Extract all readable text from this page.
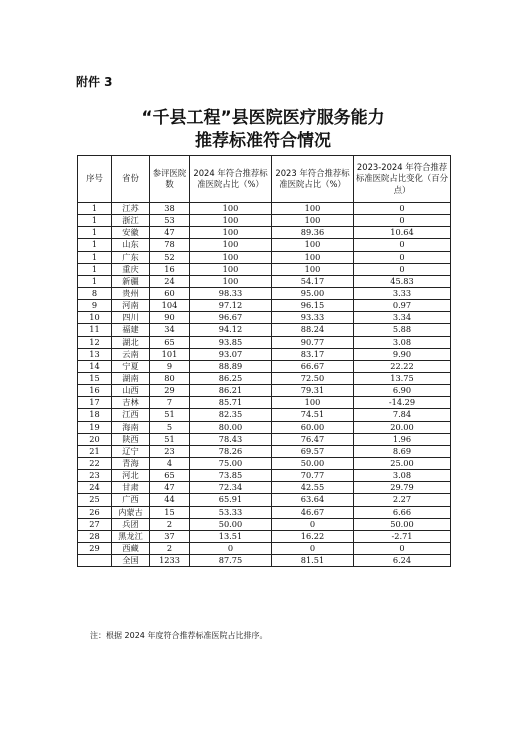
附件 3
“千县工程”县医院医疗服务能力
推荐标准符合情况
序号	省份	参评医院数	2024 年符合推荐标准医院占比（%）	2023 年符合推荐标准医院占比（%）	2023-2024 年符合推荐标准医院占比变化（百分点）
1	江苏	38	100	100	0
1	浙江	53	100	100	0
1	安徽	47	100	89.36	10.64
1	山东	78	100	100	0
1	广东	52	100	100	0
1	重庆	16	100	100	0
1	新疆	24	100	54.17	45.83
8	贵州	60	98.33	95.00	3.33
9	河南	104	97.12	96.15	0.97
10	四川	90	96.67	93.33	3.34
11	福建	34	94.12	88.24	5.88
12	湖北	65	93.85	90.77	3.08
13	云南	101	93.07	83.17	9.90
14	宁夏	9	88.89	66.67	22.22
15	湖南	80	86.25	72.50	13.75
16	山西	29	86.21	79.31	6.90
17	吉林	7	85.71	100	-14.29
18	江西	51	82.35	74.51	7.84
19	海南	5	80.00	60.00	20.00
20	陕西	51	78.43	76.47	1.96
21	辽宁	23	78.26	69.57	8.69
22	青海	4	75.00	50.00	25.00
23	河北	65	73.85	70.77	3.08
24	甘肃	47	72.34	42.55	29.79
25	广西	44	65.91	63.64	2.27
26	内蒙古	15	53.33	46.67	6.66
27	兵团	2	50.00	0	50.00
28	黑龙江	37	13.51	16.22	-2.71
29	西藏	2	0	0	0
	全国	1233	87.75	81.51	6.24
注：根据 2024 年度符合推荐标准医院占比排序。
